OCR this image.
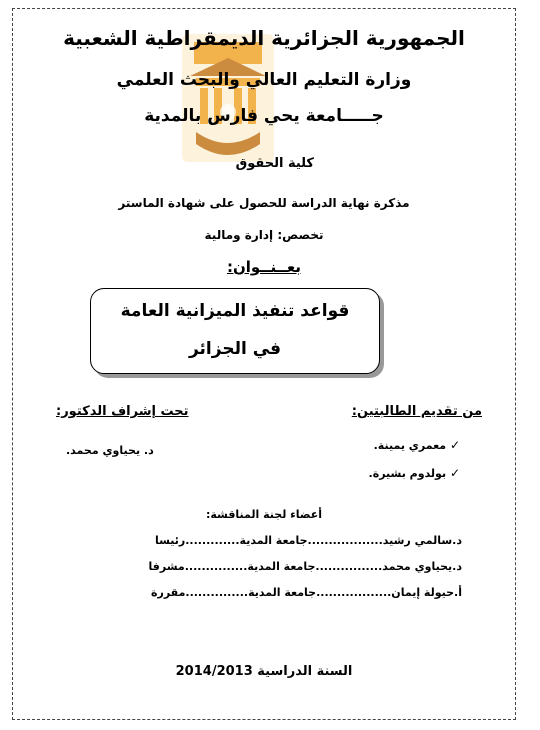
الجمهورية الجزائرية الديمقراطية الشعبية
وزارة التعليم العالي والبحث العلمي
جـــــامعة يحي فارس بالمدية
كلية الحقوق
مذكرة نهاية الدراسة للحصول على شهادة الماستر
تخصص: إدارة ومالية
بعــنــوان:
قواعد تنفيذ الميزانية العامة
في الجزائر
من تقديم الطالبتين:
✓ معمري يمينة.
✓ بولدوم بشيرة.
تحت إشراف الدكتور:
د. يحياوي محمد.
أعضاء لجنة المناقشة:
د.سالمي رشيد..................جامعة المدية.............رئيسا
د.يحياوي محمد................جامعة المدية...............مشرفا
أ.حيولة إيمان..................جامعة المدية...............مقررة
السنة الدراسية 2014/2013
